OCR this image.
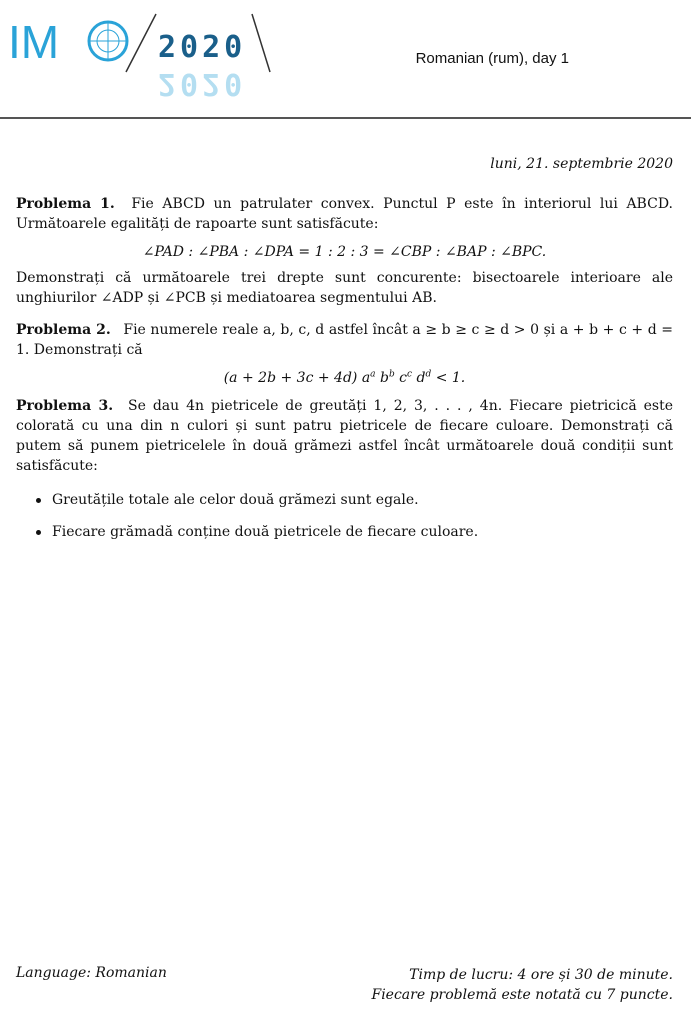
IM	2020
2020
Romanian (rum), day 1
luni, 21. septembrie 2020
Problema 1. Fie ABCD un patrulater convex. Punctul P este în interiorul lui ABCD. Următoarele egalități de rapoarte sunt satisfăcute:
∠PAD : ∠PBA : ∠DPA = 1 : 2 : 3 = ∠CBP : ∠BAP : ∠BPC.
Demonstrați că următoarele trei drepte sunt concurente: bisectoarele interioare ale unghiurilor ∠ADP și ∠PCB și mediatoarea segmentului AB.
Problema 2. Fie numerele reale a, b, c, d astfel încât a ≥ b ≥ c ≥ d > 0 și a + b + c + d = 1. Demonstrați că
(a + 2b + 3c + 4d) $a^a$ $b^b$ $c^c$ $d^d < 1$.
Problema 3. Se dau 4n pietricele de greutăți 1, 2, 3, . . . , 4n. Fiecare pietricică este colorată cu una din n culori și sunt patru pietricele de fiecare culoare. Demonstrați că putem să punem pietricelele în două grămezi astfel încât următoarele două condiții sunt satisfăcute:
Greutățile totale ale celor două grămezi sunt egale.
Fiecare grămadă conține două pietricele de fiecare culoare.
Language: Romanian	Timp de lucru: 4 ore și 30 de minute.
Fiecare problemă este notată cu 7 puncte.
